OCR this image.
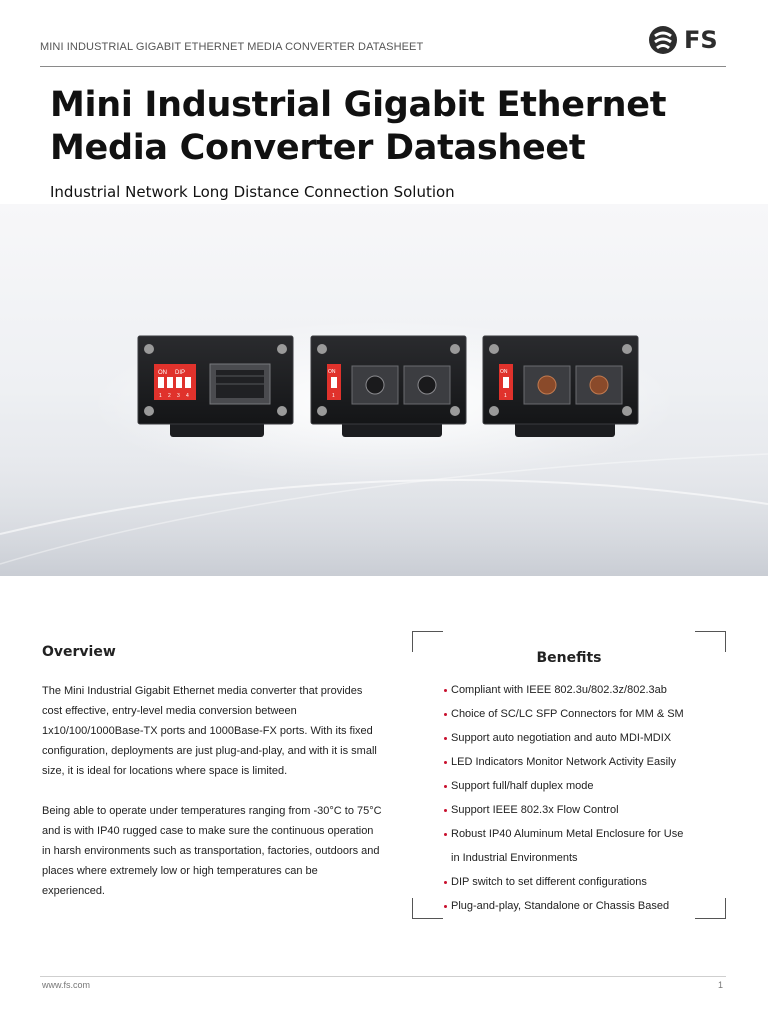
MINI INDUSTRIAL GIGABIT ETHERNET MEDIA CONVERTER DATASHEET	FS
Mini Industrial Gigabit Ethernet Media Converter Datasheet
Industrial Network Long Distance Connection Solution
ON DIP
1 2 3 4
ON
1
ON
1
Overview

The Mini Industrial Gigabit Ethernet media converter that provides cost effective, entry-level media conversion between 1x10/100/1000Base-TX ports and 1000Base-FX ports. With its fixed configuration, deployments are just plug-and-play, and with it is small size, it is ideal for locations where space is limited.

Being able to operate under temperatures ranging from -30°C to 75°C and is with IP40 rugged case to make sure the continuous operation in harsh environments such as transportation, factories, outdoors and places where extremely low or high temperatures can be experienced.

Benefits
Compliant with IEEE 802.3u/802.3z/802.3ab
Choice of SC/LC SFP Connectors for MM & SM
Support auto negotiation and auto MDI-MDIX
LED Indicators Monitor Network Activity Easily
Support full/half duplex mode
Support IEEE 802.3x Flow Control
Robust IP40 Aluminum Metal Enclosure for Use
in Industrial Environments
DIP switch to set different configurations
Plug-and-play, Standalone or Chassis Based
www.fs.com	1
